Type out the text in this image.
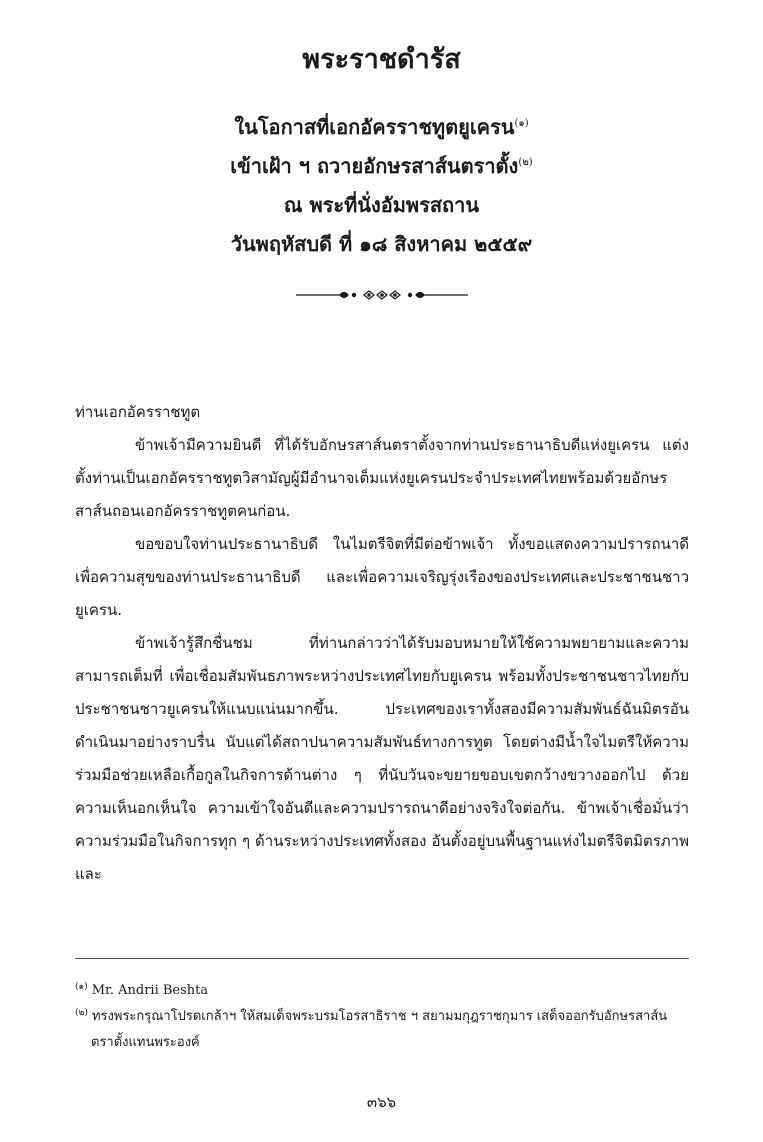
พระราชดำรัส
ในโอกาสที่เอกอัครราชทูตยูเครน$^{(๑)}$
เข้าเฝ้า ฯ ถวายอักษรสาส์นตราตั้ง$^{(๒)}$
ณ พระที่นั่งอัมพรสถาน
วันพฤหัสบดี ที่ ๑๘ สิงหาคม ๒๕๕๙

ท่านเอกอัครราชทูต

ข้าพเจ้ามีความยินดี ที่ได้รับอักษรสาส์นตราตั้งจากท่านประธานาธิบดีแห่งยูเครน แต่งตั้งท่านเป็นเอกอัครราชทูตวิสามัญผู้มีอำนาจเต็มแห่งยูเครนประจำประเทศไทยพร้อมด้วยอักษรสาส์นถอนเอกอัครราชทูตคนก่อน.

ขอขอบใจท่านประธานาธิบดี ในไมตรีจิตที่มีต่อข้าพเจ้า ทั้งขอแสดงความปรารถนาดี เพื่อความสุขของท่านประธานาธิบดี และเพื่อความเจริญรุ่งเรืองของประเทศและประชาชนชาวยูเครน.

ข้าพเจ้ารู้สึกชื่นชม ที่ท่านกล่าวว่าได้รับมอบหมายให้ใช้ความพยายามและความสามารถเต็มที่ เพื่อเชื่อมสัมพันธภาพระหว่างประเทศไทยกับยูเครน พร้อมทั้งประชาชนชาวไทยกับประชาชนชาวยูเครนให้แนบแน่นมากขึ้น. ประเทศของเราทั้งสองมีความสัมพันธ์ฉันมิตรอันดำเนินมาอย่างราบรื่น นับแต่ได้สถาปนาความสัมพันธ์ทางการทูต โดยต่างมีน้ำใจไมตรีให้ความร่วมมือช่วยเหลือเกื้อกูลในกิจการด้านต่าง ๆ ที่นับวันจะขยายขอบเขตกว้างขวางออกไป ด้วยความเห็นอกเห็นใจ ความเข้าใจอันดีและความปรารถนาดีอย่างจริงใจต่อกัน. ข้าพเจ้าเชื่อมั่นว่า ความร่วมมือในกิจการทุก ๆ ด้านระหว่างประเทศทั้งสอง อันตั้งอยู่บนพื้นฐานแห่งไมตรีจิตมิตรภาพและ

$^{(๑)}$ Mr. Andrii Beshta

$^{(๒)}$ ทรงพระกรุณาโปรดเกล้าฯ ให้สมเด็จพระบรมโอรสาธิราช ฯ สยามมกุฎราชกุมาร เสด็จออกรับอักษรสาส์นตราตั้งแทนพระองค์

๓๖๖
